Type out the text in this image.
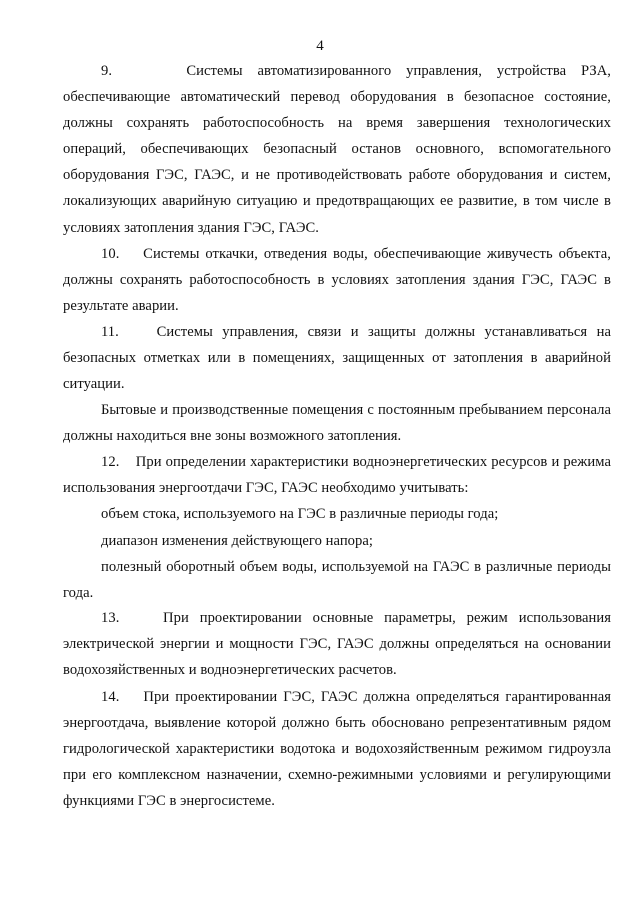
4

9.     Системы автоматизированного управления, устройства РЗА, обеспечивающие автоматический перевод оборудования в безопасное состояние, должны сохранять работоспособность на время завершения технологических операций, обеспечивающих безопасный останов основного, вспомогательного оборудования ГЭС, ГАЭС, и не противодействовать работе оборудования и систем, локализующих аварийную ситуацию и предотвращающих ее развитие, в том числе в условиях затопления здания ГЭС, ГАЭС.

10.    Системы откачки, отведения воды, обеспечивающие живучесть объекта, должны сохранять работоспособность в условиях затопления здания ГЭС, ГАЭС в результате аварии.

11.    Системы управления, связи и защиты должны устанавливаться на безопасных отметках или в помещениях, защищенных от затопления в аварийной ситуации.

Бытовые и производственные помещения с постоянным пребыванием персонала должны находиться вне зоны возможного затопления.

12.    При определении характеристики водноэнергетических ресурсов и режима использования энергоотдачи ГЭС, ГАЭС необходимо учитывать:

объем стока, используемого на ГЭС в различные периоды года;

диапазон изменения действующего напора;

полезный оборотный объем воды, используемой на ГАЭС в различные периоды года.

13.    При проектировании основные параметры, режим использования электрической энергии и мощности ГЭС, ГАЭС должны определяться на основании водохозяйственных и водноэнергетических расчетов.

14.    При проектировании ГЭС, ГАЭС должна определяться гарантированная энергоотдача, выявление которой должно быть обосновано репрезентативным рядом гидрологической характеристики водотока и водохозяйственным режимом гидроузла при его комплексном назначении, схемно-режимными условиями и регулирующими функциями ГЭС в энергосистеме.
